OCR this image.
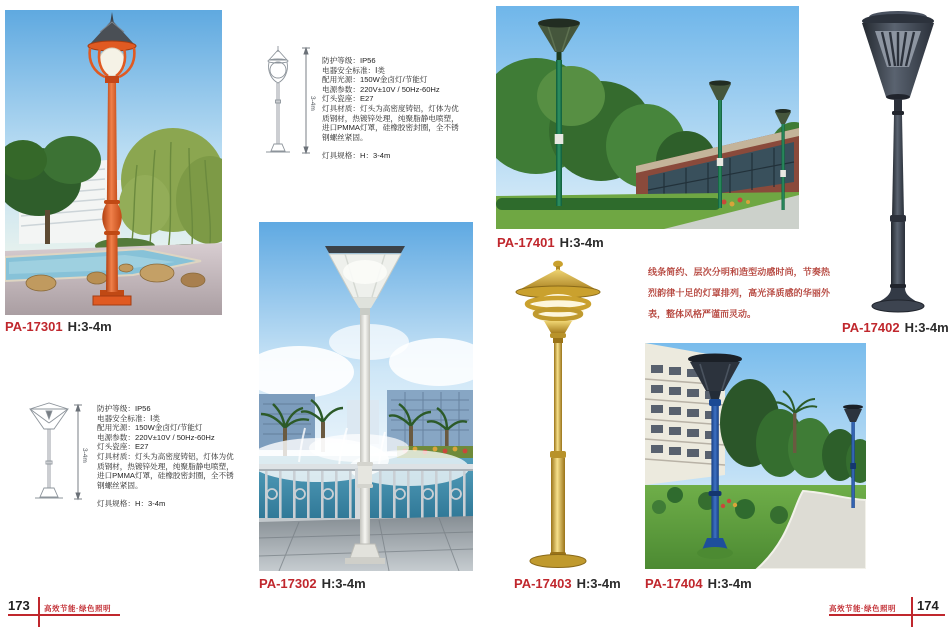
PA-17301 H:3-4m
3-4m
防护等级：IP56
电器安全标准：Ⅰ类
配用光源：150W金卤灯/节能灯
电源参数：220V±10V / 50Hz-60Hz
灯头瓷座：E27
灯具材质：灯头为高密度铸铝，灯体为优质钢材，热镀锌处理，纯聚脂静电喷塑，进口PMMA灯罩，硅橡胶密封圈，全不锈钢螺丝紧固。
灯具规格：H：3-4m
PA-17401 H:3-4m
PA-17402 H:3-4m
线条简约、层次分明和造型动感时尚，节奏热烈韵律十足的灯罩排列，高光泽质感的华丽外表，整体风格严谨而灵动。
3-4m
防护等级：IP56
电器安全标准：Ⅰ类
配用光源：150W金卤灯/节能灯
电源参数：220V±10V / 50Hz-60Hz
灯头瓷座：E27
灯具材质：灯头为高密度铸铝，灯体为优质钢材，热镀锌处理，纯聚脂静电喷塑，进口PMMA灯罩，硅橡胶密封圈，全不锈钢螺丝紧固。
灯具规格：H：3-4m
PA-17302 H:3-4m	PA-17403 H:3-4m PA-17404 H:3-4m
173 高效节能·绿色照明	高效节能·绿色照明 174
